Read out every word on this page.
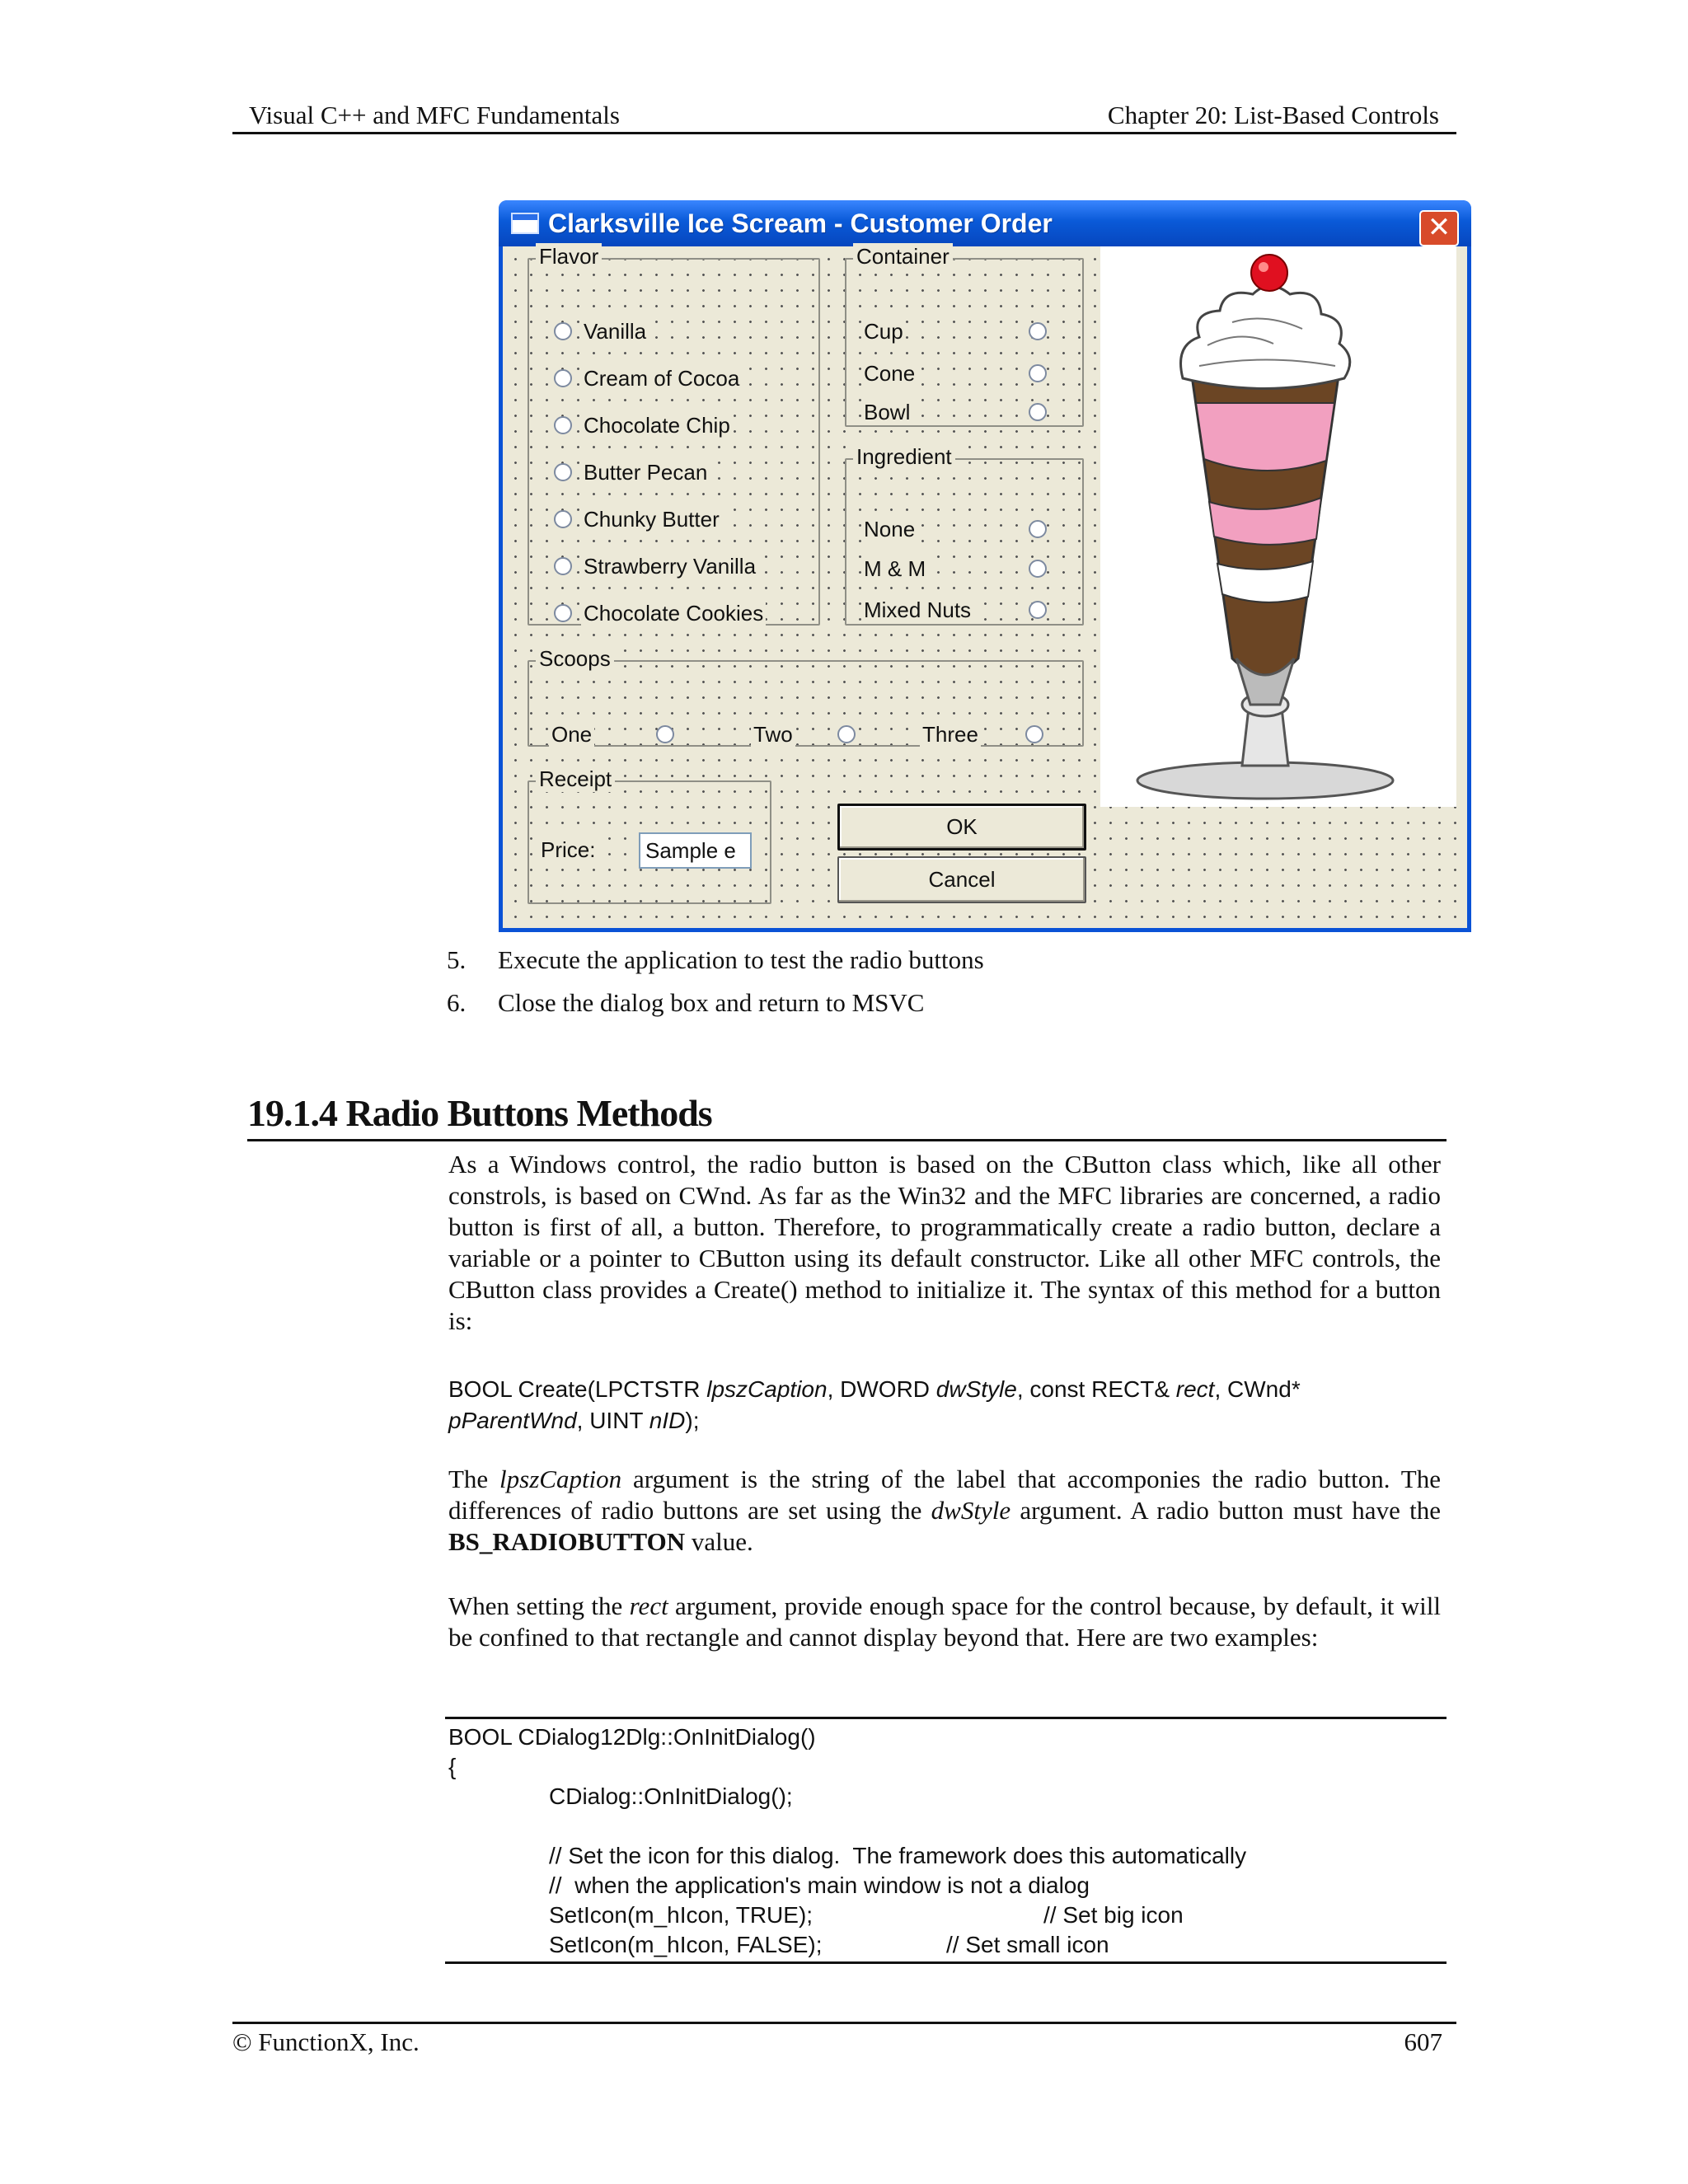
Visual C++ and MFC Fundamentals	Chapter 20: List-Based Controls
Clarksville Ice Scream - Customer Order	✕
Flavor
Vanilla
Cream of Cocoa
Chocolate Chip
Butter Pecan
Chunky Butter
Strawberry Vanilla
Chocolate Cookies
Container
Cup
Cone
Bowl
Ingredient
None
M & M
Mixed Nuts
Scoops
One	Two	Three
Receipt
Price:	Sample e
OK
Cancel
5. Execute the application to test the radio buttons
6. Close the dialog box and return to MSVC
19.1.4 Radio Buttons Methods
As a Windows control, the radio button is based on the CButton class which, like all other constrols, is based on CWnd. As far as the Win32 and the MFC libraries are concerned, a radio button is first of all, a button. Therefore, to programmatically create a radio button, declare a variable or a pointer to CButton using its default constructor. Like all other MFC controls, the CButton class provides a Create() method to initialize it. The syntax of this method for a button is:
BOOL Create(LPCTSTR lpszCaption, DWORD dwStyle, const RECT& rect, CWnd*
pParentWnd, UINT nID);
The lpszCaption argument is the string of the label that accomponies the radio button. The differences of radio buttons are set using the dwStyle argument. A radio button must have the BS_RADIOBUTTON value.
When setting the rect argument, provide enough space for the control because, by default, it will be confined to that rectangle and cannot display beyond that. Here are two examples:
BOOL CDialog12Dlg::OnInitDialog()
{
CDialog::OnInitDialog();

// Set the icon for this dialog.  The framework does this automatically
//  when the application's main window is not a dialog
SetIcon(m_hIcon, TRUE);	// Set big icon
SetIcon(m_hIcon, FALSE);	// Set small icon
© FunctionX, Inc.	607
